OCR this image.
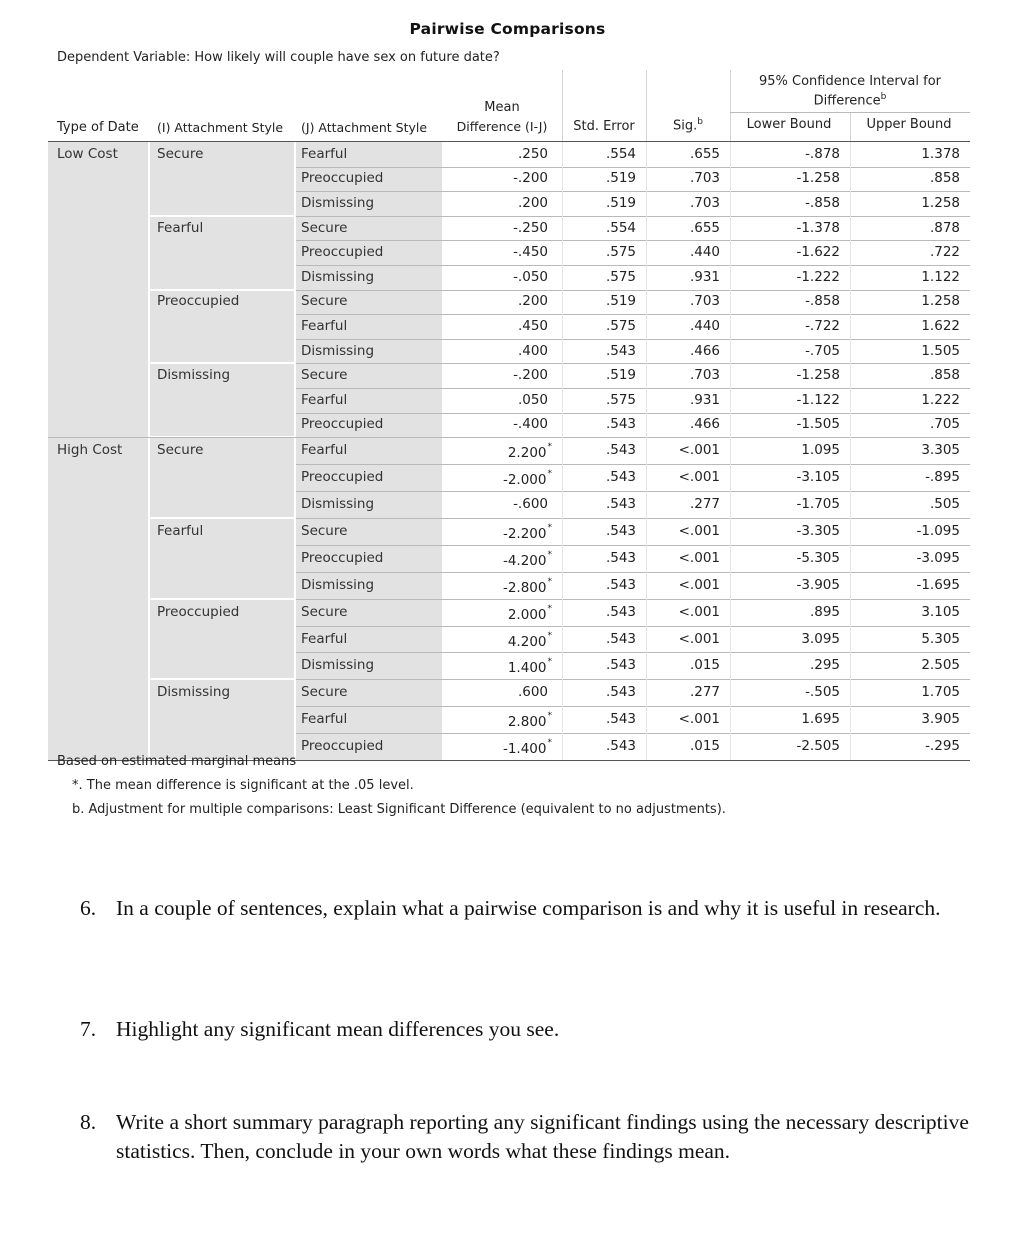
Pairwise Comparisons
Dependent Variable: How likely will couple have sex on future date?
Type of Date (I) Attachment Style (J) Attachment Style
Mean
Difference (I-J)	Std. Error	Sig.$^b$
95% Confidence Interval for
Difference$^b$
Lower Bound	Upper Bound
Low Cost	Secure	Fearful	.250	.554	.655	-.878	1.378
Preoccupied	-.200	.519	.703	-1.258	.858
Dismissing	.200	.519	.703	-.858	1.258
Fearful	Secure	-.250	.554	.655	-1.378	.878
Preoccupied	-.450	.575	.440	-1.622	.722
Dismissing	-.050	.575	.931	-1.222	1.122
Preoccupied	Secure	.200	.519	.703	-.858	1.258
Fearful	.450	.575	.440	-.722	1.622
Dismissing	.400	.543	.466	-.705	1.505
Dismissing	Secure	-.200	.519	.703	-1.258	.858
Fearful	.050	.575	.931	-1.122	1.222
Preoccupied	-.400	.543	.466	-1.505	.705
High Cost	Secure	Fearful	2.200*	.543	<.001	1.095	3.305
Preoccupied	-2.000*	.543	<.001	-3.105	-.895
Dismissing	-.600	.543	.277	-1.705	.505
Fearful	Secure	-2.200*	.543	<.001	-3.305	-1.095
Preoccupied	-4.200*	.543	<.001	-5.305	-3.095
Dismissing	-2.800*	.543	<.001	-3.905	-1.695
Preoccupied	Secure	2.000*	.543	<.001	.895	3.105
Fearful	4.200*	.543	<.001	3.095	5.305
Dismissing	1.400*	.543	.015	.295	2.505
Dismissing	Secure	.600	.543	.277	-.505	1.705
Fearful	2.800*	.543	<.001	1.695	3.905
Preoccupied	-1.400*	.543	.015	-2.505	-.295
Based on estimated marginal means
*. The mean difference is significant at the .05 level.
b. Adjustment for multiple comparisons: Least Significant Difference (equivalent to no adjustments).
6. In a couple of sentences, explain what a pairwise comparison is and why it is useful in research.
7. Highlight any significant mean differences you see.
8. Write a short summary paragraph reporting any significant findings using the necessary descriptive statistics. Then, conclude in your own words what these findings mean.
